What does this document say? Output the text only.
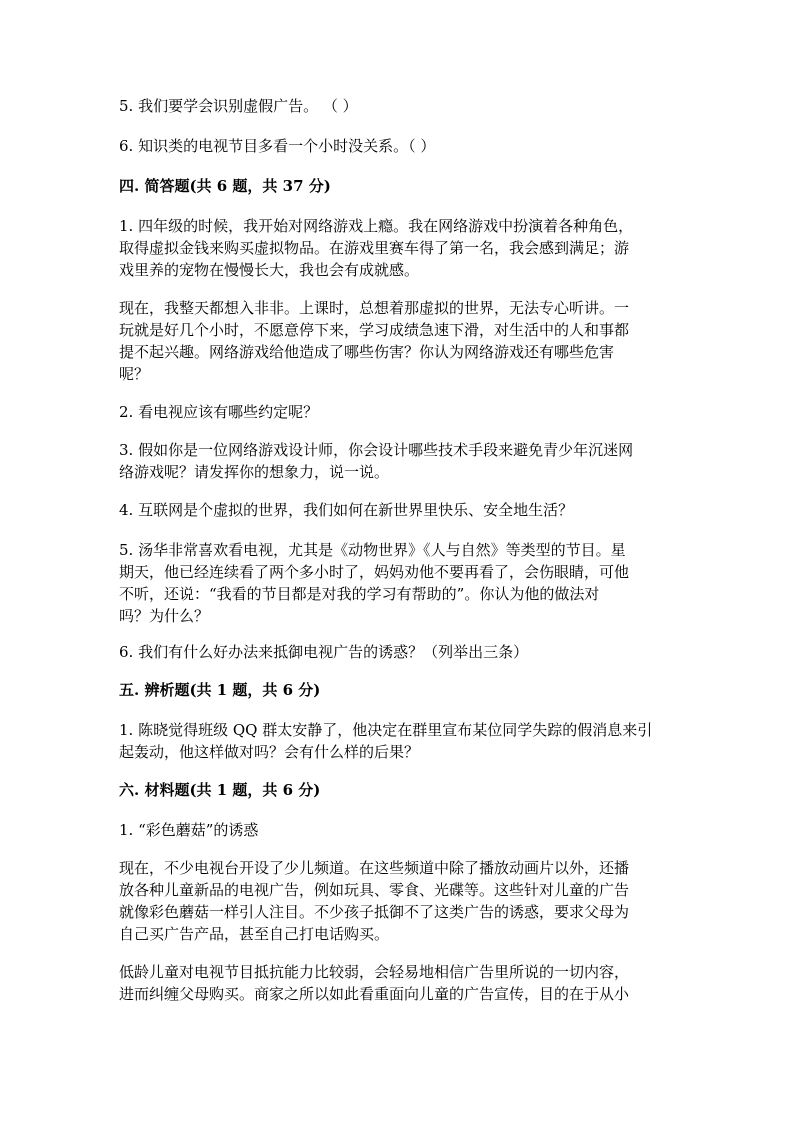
5. 我们要学会识别虚假广告。 （ ）
6. 知识类的电视节目多看一个小时没关系。（ ）
四. 简答题(共 6 题，共 37 分)
1. 四年级的时候，我开始对网络游戏上瘾。我在网络游戏中扮演着各种角色，
取得虚拟金钱来购买虚拟物品。在游戏里赛车得了第一名，我会感到满足；游
戏里养的宠物在慢慢长大，我也会有成就感。
现在，我整天都想入非非。上课时，总想着那虚拟的世界，无法专心听讲。一
玩就是好几个小时，不愿意停下来，学习成绩急速下滑，对生活中的人和事都
提不起兴趣。网络游戏给他造成了哪些伤害？你认为网络游戏还有哪些危害
呢？
2. 看电视应该有哪些约定呢？
3. 假如你是一位网络游戏设计师，你会设计哪些技术手段来避免青少年沉迷网
络游戏呢？请发挥你的想象力，说一说。
4. 互联网是个虚拟的世界，我们如何在新世界里快乐、安全地生活？
5. 汤华非常喜欢看电视，尤其是《动物世界》《人与自然》等类型的节目。星
期天，他已经连续看了两个多小时了，妈妈劝他不要再看了，会伤眼睛，可他
不听，还说：“我看的节目都是对我的学习有帮助的”。你认为他的做法对
吗？为什么？
6. 我们有什么好办法来抵御电视广告的诱惑？（列举出三条）
五. 辨析题(共 1 题，共 6 分)
1. 陈晓觉得班级 QQ 群太安静了，他决定在群里宣布某位同学失踪的假消息来引
起轰动，他这样做对吗？会有什么样的后果？
六. 材料题(共 1 题，共 6 分)
1. “彩色蘑菇”的诱惑
现在，不少电视台开设了少儿频道。在这些频道中除了播放动画片以外，还播
放各种儿童新品的电视广告，例如玩具、零食、光碟等。这些针对儿童的广告
就像彩色蘑菇一样引人注目。不少孩子抵御不了这类广告的诱惑，要求父母为
自己买广告产品，甚至自己打电话购买。
低龄儿童对电视节目抵抗能力比较弱，会轻易地相信广告里所说的一切内容，
进而纠缠父母购买。商家之所以如此看重面向儿童的广告宣传，目的在于从小
